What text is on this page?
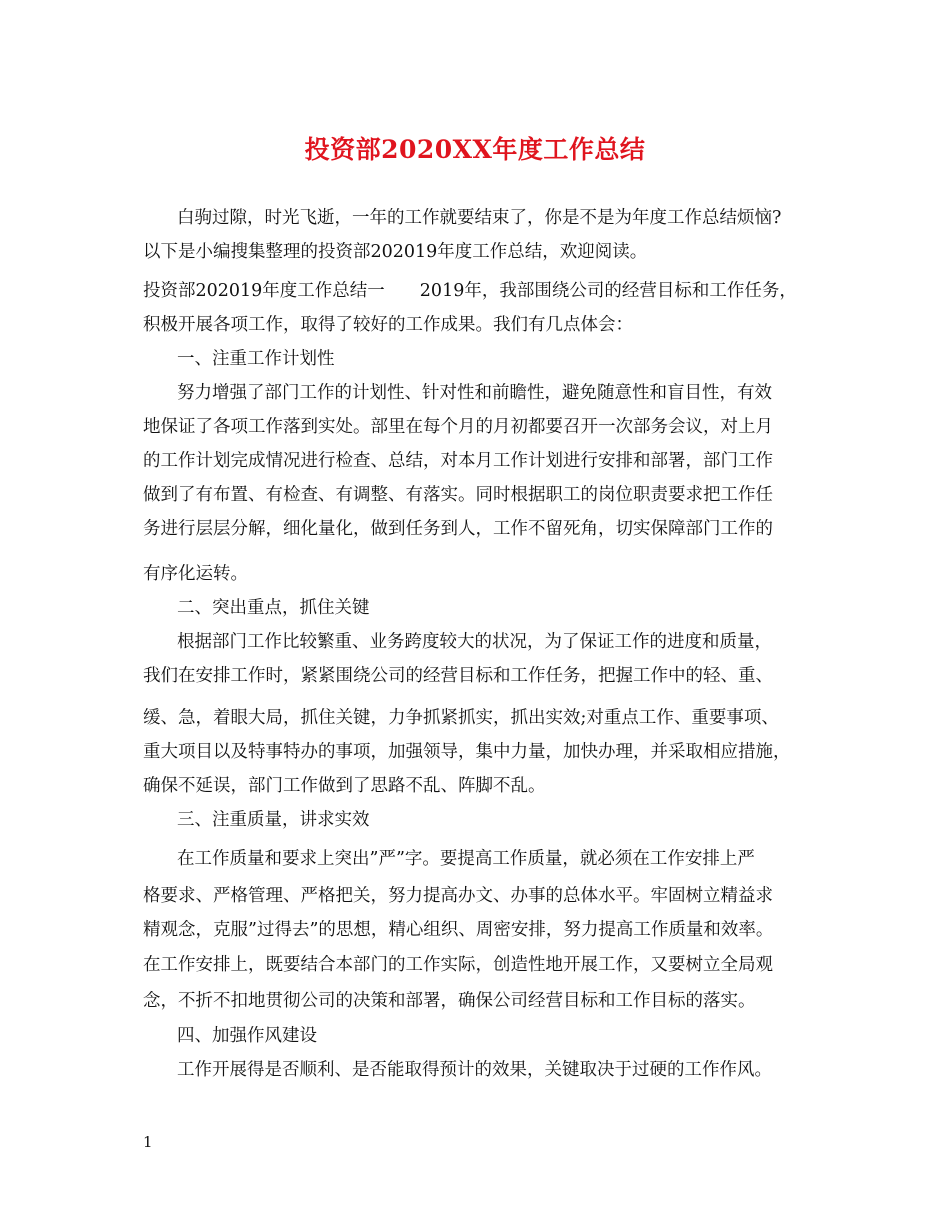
投资部2020XX年度工作总结
白驹过隙，时光飞逝，一年的工作就要结束了，你是不是为年度工作总结烦恼?
以下是小编搜集整理的投资部202019年度工作总结，欢迎阅读。
投资部202019年度工作总结一　　2019年，我部围绕公司的经营目标和工作任务，
积极开展各项工作，取得了较好的工作成果。我们有几点体会：
一、注重工作计划性
努力增强了部门工作的计划性、针对性和前瞻性，避免随意性和盲目性，有效
地保证了各项工作落到实处。部里在每个月的月初都要召开一次部务会议，对上月
的工作计划完成情况进行检查、总结，对本月工作计划进行安排和部署，部门工作
做到了有布置、有检查、有调整、有落实。同时根据职工的岗位职责要求把工作任
务进行层层分解，细化量化，做到任务到人，工作不留死角，切实保障部门工作的
有序化运转。
二、突出重点，抓住关键
根据部门工作比较繁重、业务跨度较大的状况，为了保证工作的进度和质量，
我们在安排工作时，紧紧围绕公司的经营目标和工作任务，把握工作中的轻、重、
缓、急，着眼大局，抓住关键，力争抓紧抓实，抓出实效;对重点工作、重要事项、
重大项目以及特事特办的事项，加强领导，集中力量，加快办理，并采取相应措施，
确保不延误，部门工作做到了思路不乱、阵脚不乱。
三、注重质量，讲求实效
在工作质量和要求上突出”严”字。要提高工作质量，就必须在工作安排上严
格要求、严格管理、严格把关，努力提高办文、办事的总体水平。牢固树立精益求
精观念，克服”过得去”的思想，精心组织、周密安排，努力提高工作质量和效率。
在工作安排上，既要结合本部门的工作实际，创造性地开展工作，又要树立全局观
念，不折不扣地贯彻公司的决策和部署，确保公司经营目标和工作目标的落实。
四、加强作风建设
工作开展得是否顺利、是否能取得预计的效果，关键取决于过硬的工作作风。
1
